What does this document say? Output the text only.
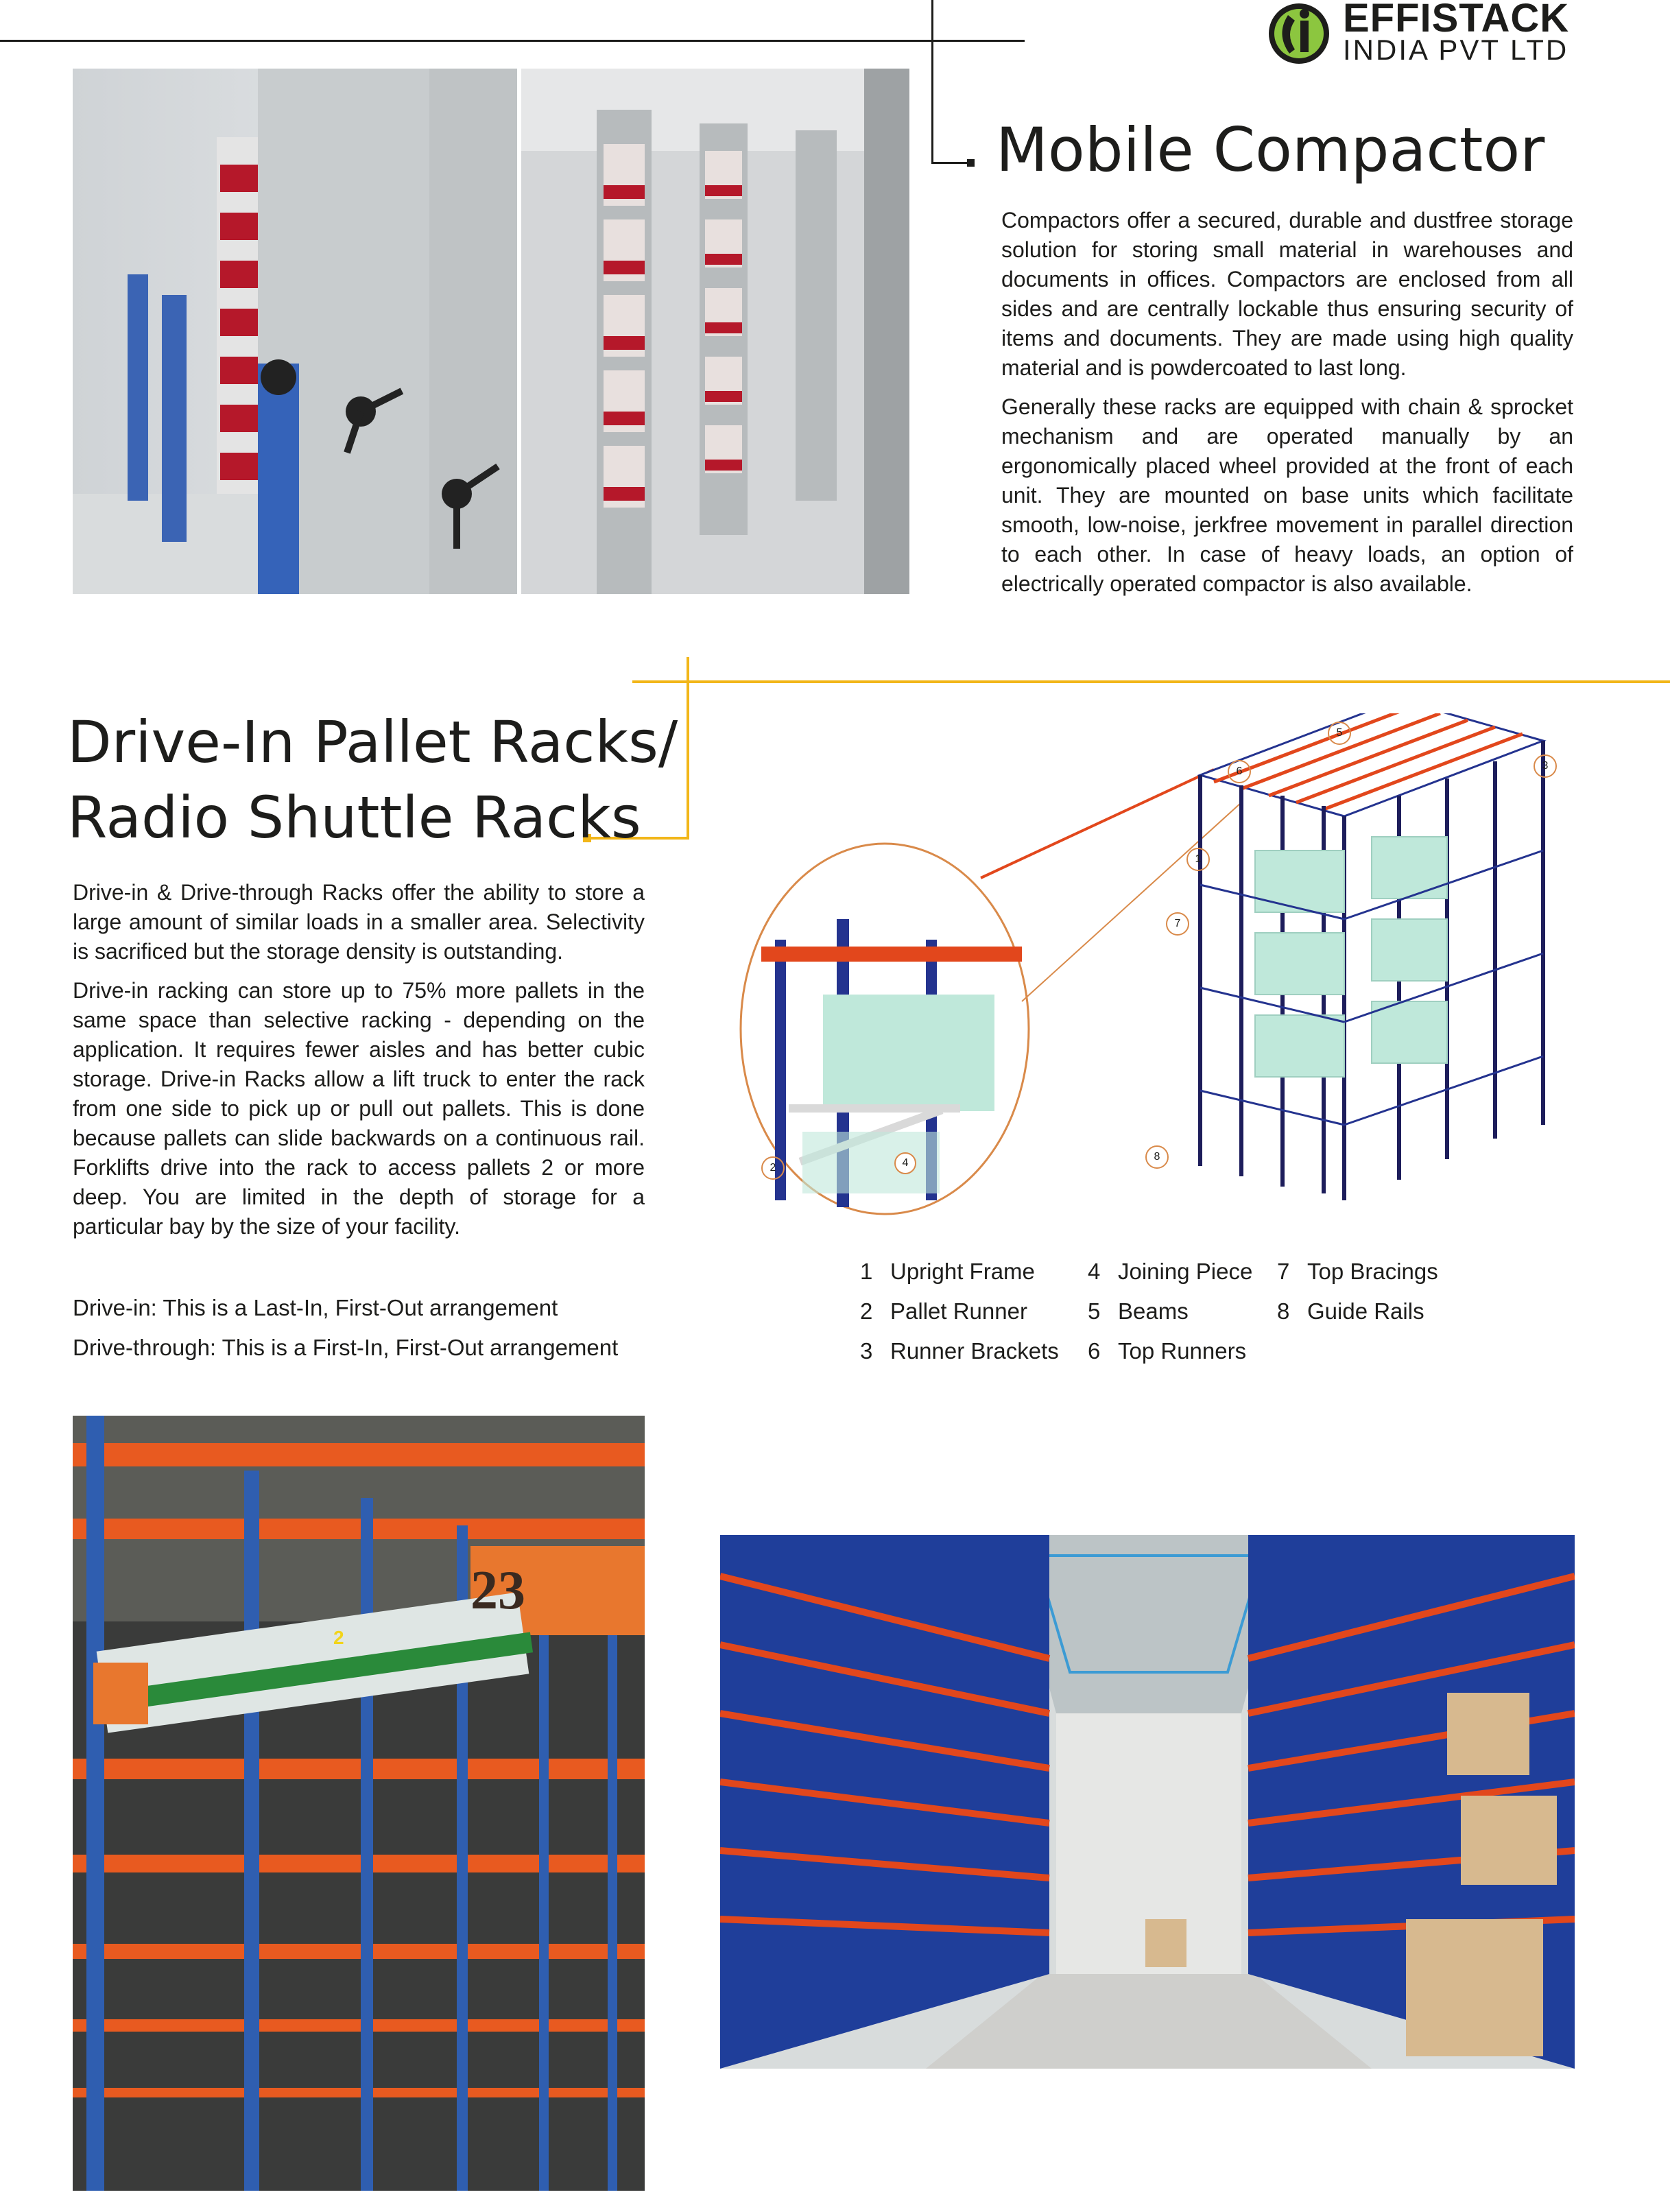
EFFISTACK
INDIA PVT LTD
Mobile Compactor

Compactors offer a secured, durable and dustfree storage solution for storing small material in warehouses and documents in offices. Compactors are enclosed from all sides and are centrally lockable thus ensuring security of items and documents. They are made using high quality material and is powdercoated to last long.

Generally these racks are equipped with chain & sprocket mechanism and are operated manually by an ergonomically placed wheel provided at the front of each unit. They are mounted on base units which facilitate smooth, low-noise, jerkfree movement in parallel direction to each other. In case of heavy loads, an option of electrically operated compactor is also available.

Drive-In Pallet Racks/
Radio Shuttle Racks

Drive-in & Drive-through Racks offer the ability to store a large amount of similar loads in a smaller area. Selectivity is sacrificed but the storage density is outstanding.

Drive-in racking can store up to 75% more pallets in the same space than selective racking - depending on the application. It requires fewer aisles and has better cubic storage. Drive-in Racks allow a lift truck to enter the rack from one side to pick up or pull out pallets. This is done because pallets can slide backwards on a continuous rail. Forklifts drive into the rack to access pallets 2 or more deep. You are limited in the depth of storage for a particular bay by the size of your facility.

Drive-in: This is a Last-In, First-Out arrangement
Drive-through: This is a First-In, First-Out arrangement
1
2	4
6
5
3
7
8
1 Upright Frame
2 Pallet Runner
3 Runner Brackets
4 Joining Piece
5 Beams
6 Top Runners
7 Top Bracings
8 Guide Rails
23
2
